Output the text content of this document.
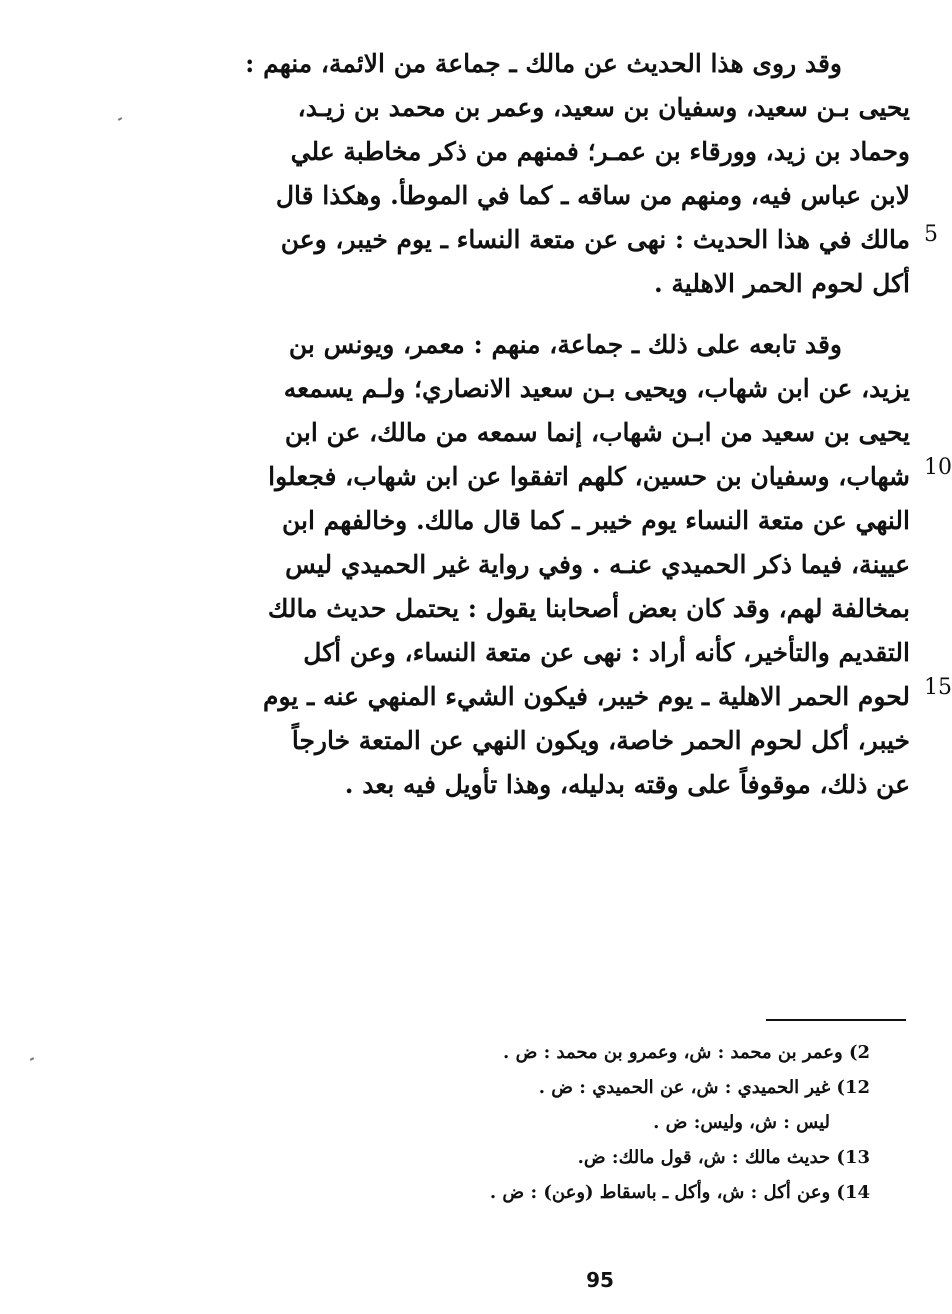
وقد روى هذا الحديث عن مالك ـ جماعة من الائمة، منهم :
يحيى بـن سعيد، وسفيان بن سعيد، وعمر بن محمد بن زيـد،
وحماد بن زيد، وورقاء بن عمـر؛ فمنهم من ذكر مخاطبة علي
لابن عباس فيه، ومنهم من ساقه ـ كما في الموطأ. وهكذا قال
مالك في هذا الحديث : نهى عن متعة النساء ـ يوم خيبر، وعن
أكل لحوم الحمر الاهلية .
وقد تابعه على ذلك ـ جماعة، منهم : معمر، ويونس بن
يزيد، عن ابن شهاب، ويحيى بـن سعيد الانصاري؛ ولـم يسمعه
يحيى بن سعيد من ابـن شهاب، إنما سمعه من مالك، عن ابن
شهاب، وسفيان بن حسين، كلهم اتفقوا عن ابن شهاب، فجعلوا
النهي عن متعة النساء يوم خيبر ـ كما قال مالك. وخالفهم ابن
عيينة، فيما ذكر الحميدي عنـه . وفي رواية غير الحميدي ليس
بمخالفة لهم، وقد كان بعض أصحابنا يقول : يحتمل حديث مالك
التقديم والتأخير، كأنه أراد : نهى عن متعة النساء، وعن أكل
لحوم الحمر الاهلية ـ يوم خيبر، فيكون الشيء المنهي عنه ـ يوم
خيبر، أكل لحوم الحمر خاصة، ويكون النهي عن المتعة خارجاً
عن ذلك، موقوفاً على وقته بدليله، وهذا تأويل فيه بعد .
5
10
15
2) وعمر بن محمد : ش، وعمرو بن محمد : ض .
12) غير الحميدي : ش، عن الحميدي : ض .
ليس : ش، وليس: ض .
13) حديث مالك : ش، قول مالك: ض.
14) وعن أكل : ش، وأكل ـ باسقاط (وعن) : ض .
95
